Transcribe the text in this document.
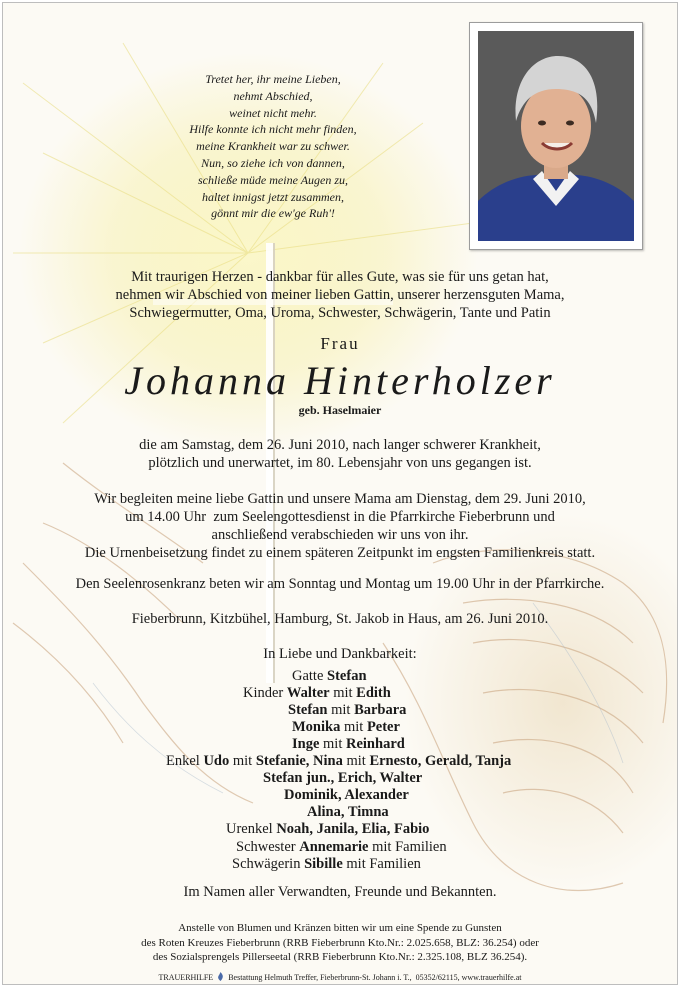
Tretet her, ihr meine Lieben,
nehmt Abschied,
weinet nicht mehr.
Hilfe konnte ich nicht mehr finden,
meine Krankheit war zu schwer.
Nun, so ziehe ich von dannen,
schließe müde meine Augen zu,
haltet innigst jetzt zusammen,
gönnt mir die ew'ge Ruh'!
Mit traurigen Herzen - dankbar für alles Gute, was sie für uns getan hat,
nehmen wir Abschied von meiner lieben Gattin, unserer herzensguten Mama,
Schwiegermutter, Oma, Uroma, Schwester, Schwägerin, Tante und Patin
Frau
Johanna Hinterholzer
geb. Haselmaier
die am Samstag, dem 26. Juni 2010, nach langer schwerer Krankheit,
plötzlich und unerwartet, im 80. Lebensjahr von uns gegangen ist.
Wir begleiten meine liebe Gattin und unsere Mama am Dienstag, dem 29. Juni 2010,
um 14.00 Uhr  zum Seelengottesdienst in die Pfarrkirche Fieberbrunn und
anschließend verabschieden wir uns von ihr.
Die Urnenbeisetzung findet zu einem späteren Zeitpunkt im engsten Familienkreis statt.
Den Seelenrosenkranz beten wir am Sonntag und Montag um 19.00 Uhr in der Pfarrkirche.
Fieberbrunn, Kitzbühel, Hamburg, St. Jakob in Haus, am 26. Juni 2010.
In Liebe und Dankbarkeit:
Gatte Stefan
Kinder Walter mit Edith
Stefan mit Barbara
Monika mit Peter
Inge mit Reinhard
Enkel Udo mit Stefanie, Nina mit Ernesto, Gerald, Tanja
Stefan jun., Erich, Walter
Dominik, Alexander
Alina, Timna
Urenkel Noah, Janila, Elia, Fabio
Schwester Annemarie mit Familien
Schwägerin Sibille mit Familien
Im Namen aller Verwandten, Freunde und Bekannten.
Anstelle von Blumen und Kränzen bitten wir um eine Spende zu Gunsten
des Roten Kreuzes Fieberbrunn (RRB Fieberbrunn Kto.Nr.: 2.025.658, BLZ: 36.254) oder
des Sozialsprengels Pillerseetal (RRB Fieberbrunn Kto.Nr.: 2.325.108, BLZ 36.254).
TRAUERHILFE Bestattung Helmuth Treffer, Fieberbrunn-St. Johann i. T.,  05352/62115, www.trauerhilfe.at
